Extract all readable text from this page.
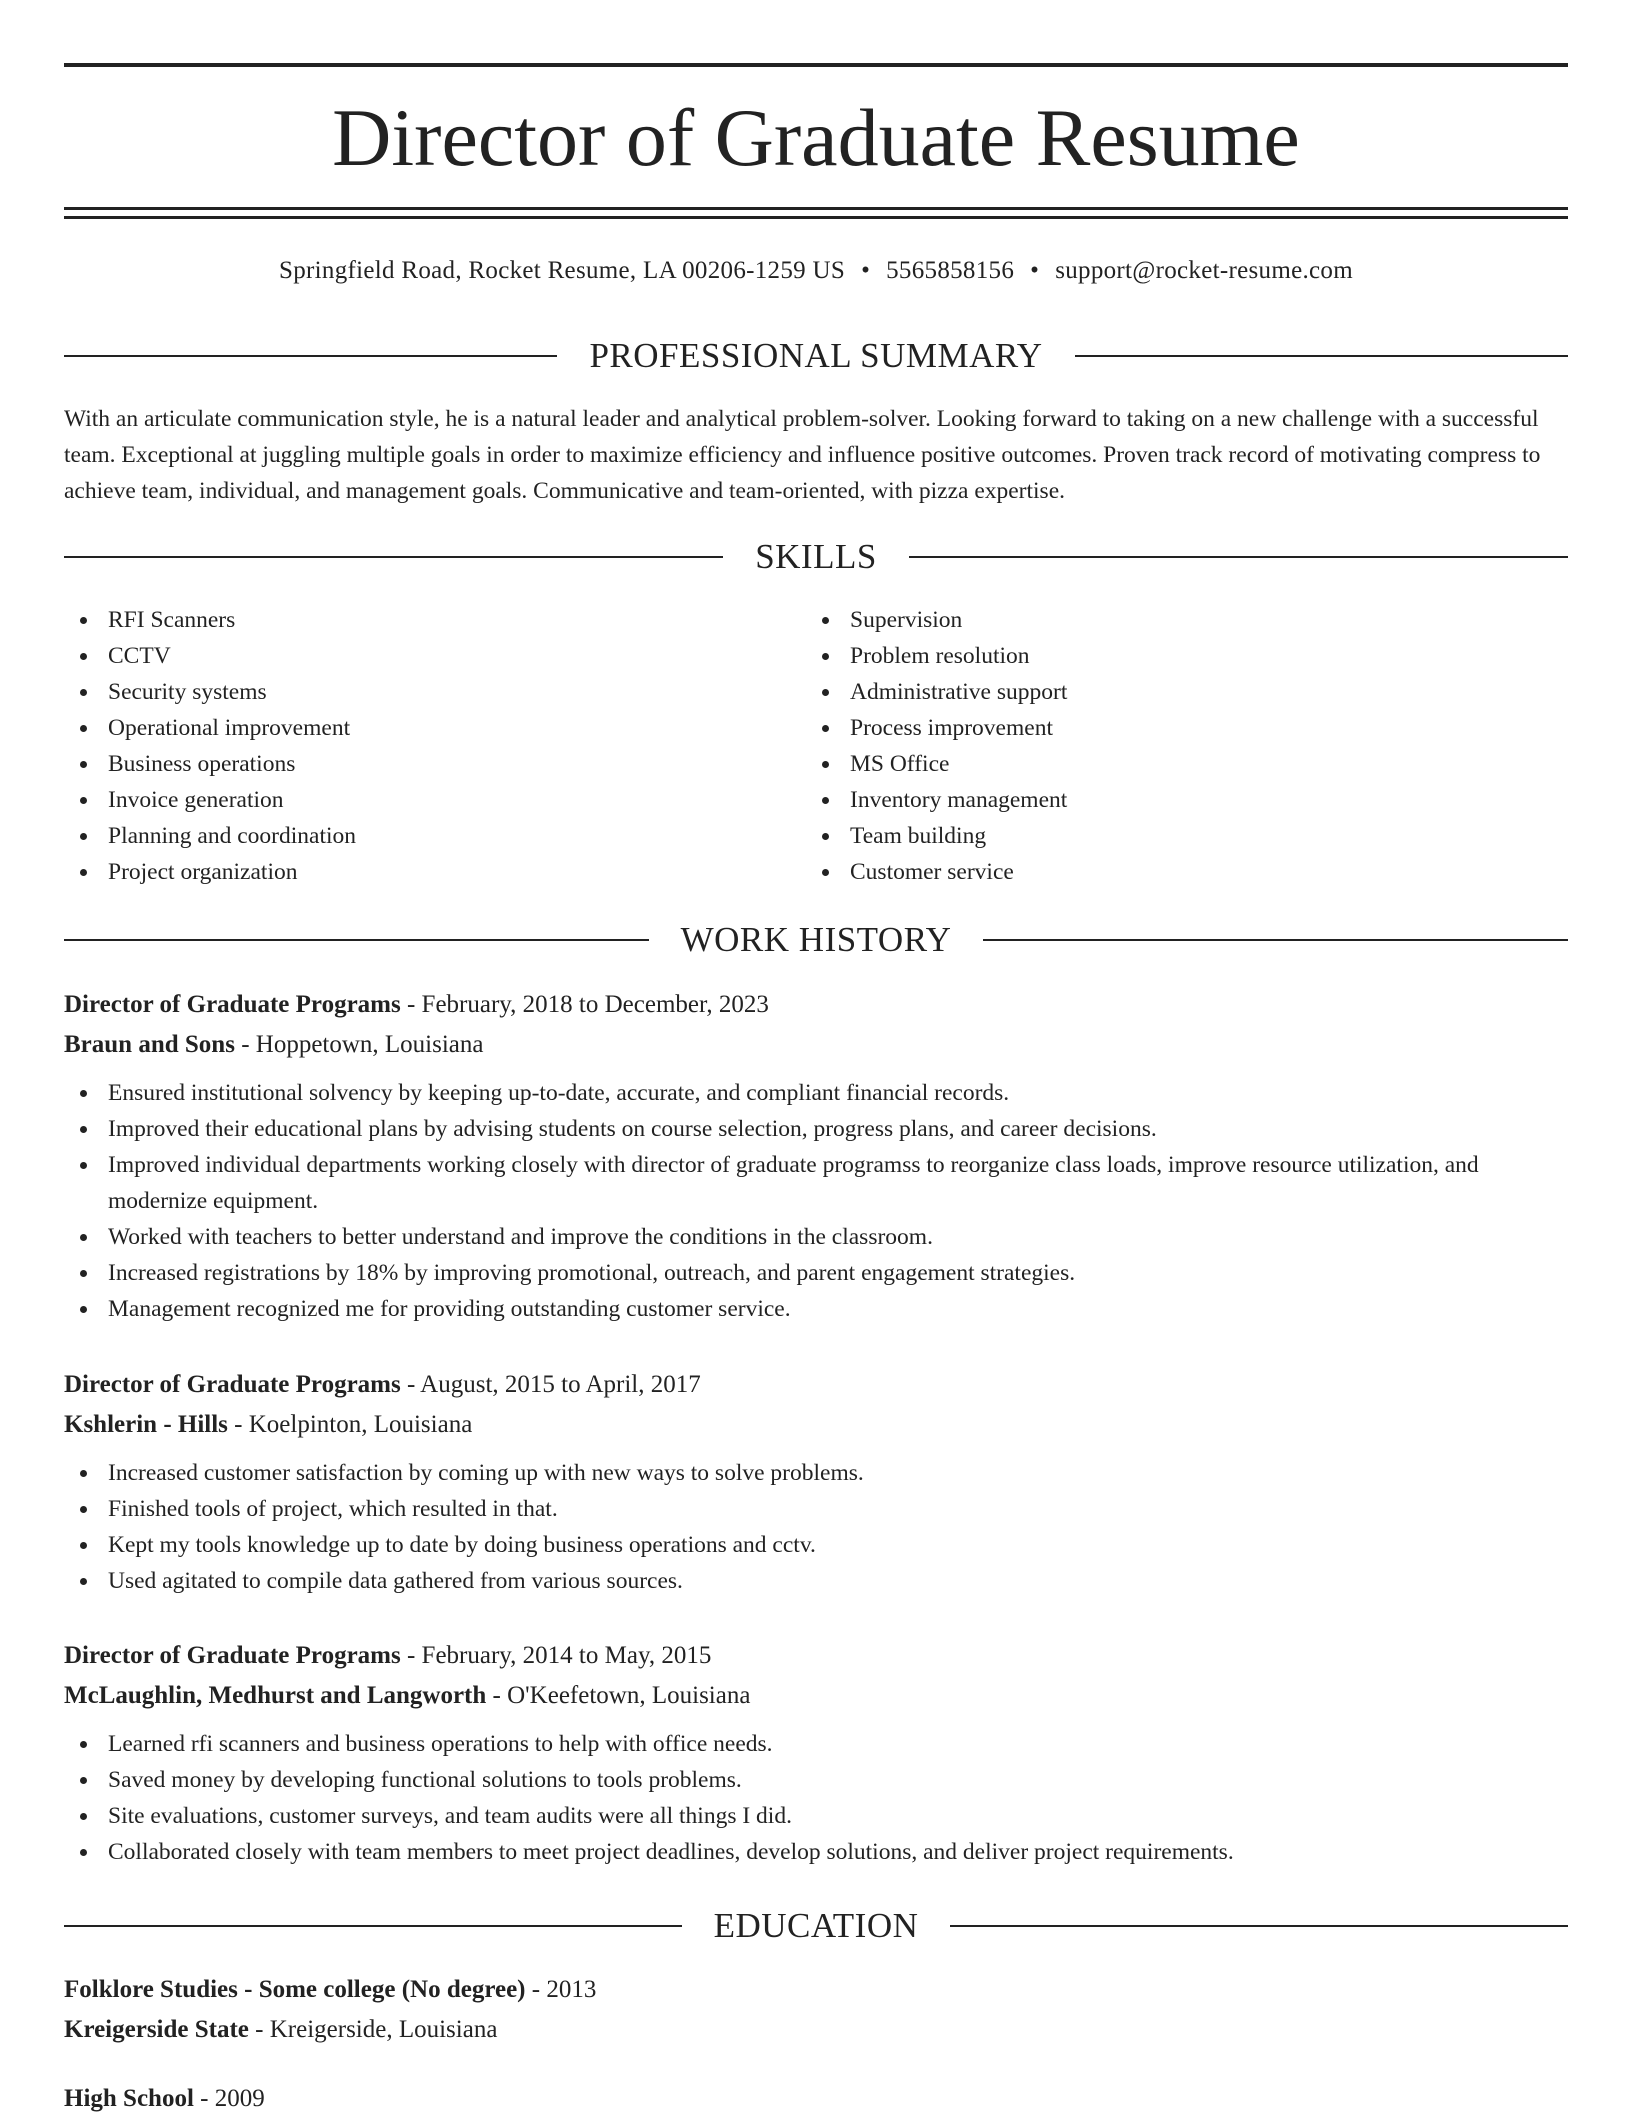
Director of Graduate Resume
Springfield Road, Rocket Resume, LA 00206-1259 US • 5565858156 • support@rocket-resume.com
PROFESSIONAL SUMMARY

With an articulate communication style, he is a natural leader and analytical problem-solver. Looking forward to taking on a new challenge with a successful team. Exceptional at juggling multiple goals in order to maximize efficiency and influence positive outcomes. Proven track record of motivating compress to achieve team, individual, and management goals. Communicative and team-oriented, with pizza expertise.

SKILLS
RFI Scanners
CCTV
Security systems
Operational improvement
Business operations
Invoice generation
Planning and coordination
Project organization
Supervision
Problem resolution
Administrative support
Process improvement
MS Office
Inventory management
Team building
Customer service
WORK HISTORY
Director of Graduate Programs - February, 2018 to December, 2023
Braun and Sons - Hoppetown, Louisiana
Ensured institutional solvency by keeping up-to-date, accurate, and compliant financial records.
Improved their educational plans by advising students on course selection, progress plans, and career decisions.
Improved individual departments working closely with director of graduate programss to reorganize class loads, improve resource utilization, and modernize equipment.
Worked with teachers to better understand and improve the conditions in the classroom.
Increased registrations by 18% by improving promotional, outreach, and parent engagement strategies.
Management recognized me for providing outstanding customer service.
Director of Graduate Programs - August, 2015 to April, 2017
Kshlerin - Hills - Koelpinton, Louisiana
Increased customer satisfaction by coming up with new ways to solve problems.
Finished tools of project, which resulted in that.
Kept my tools knowledge up to date by doing business operations and cctv.
Used agitated to compile data gathered from various sources.
Director of Graduate Programs - February, 2014 to May, 2015
McLaughlin, Medhurst and Langworth - O'Keefetown, Louisiana
Learned rfi scanners and business operations to help with office needs.
Saved money by developing functional solutions to tools problems.
Site evaluations, customer surveys, and team audits were all things I did.
Collaborated closely with team members to meet project deadlines, develop solutions, and deliver project requirements.
EDUCATION
Folklore Studies - Some college (No degree) - 2013
Kreigerside State - Kreigerside, Louisiana
High School - 2009
